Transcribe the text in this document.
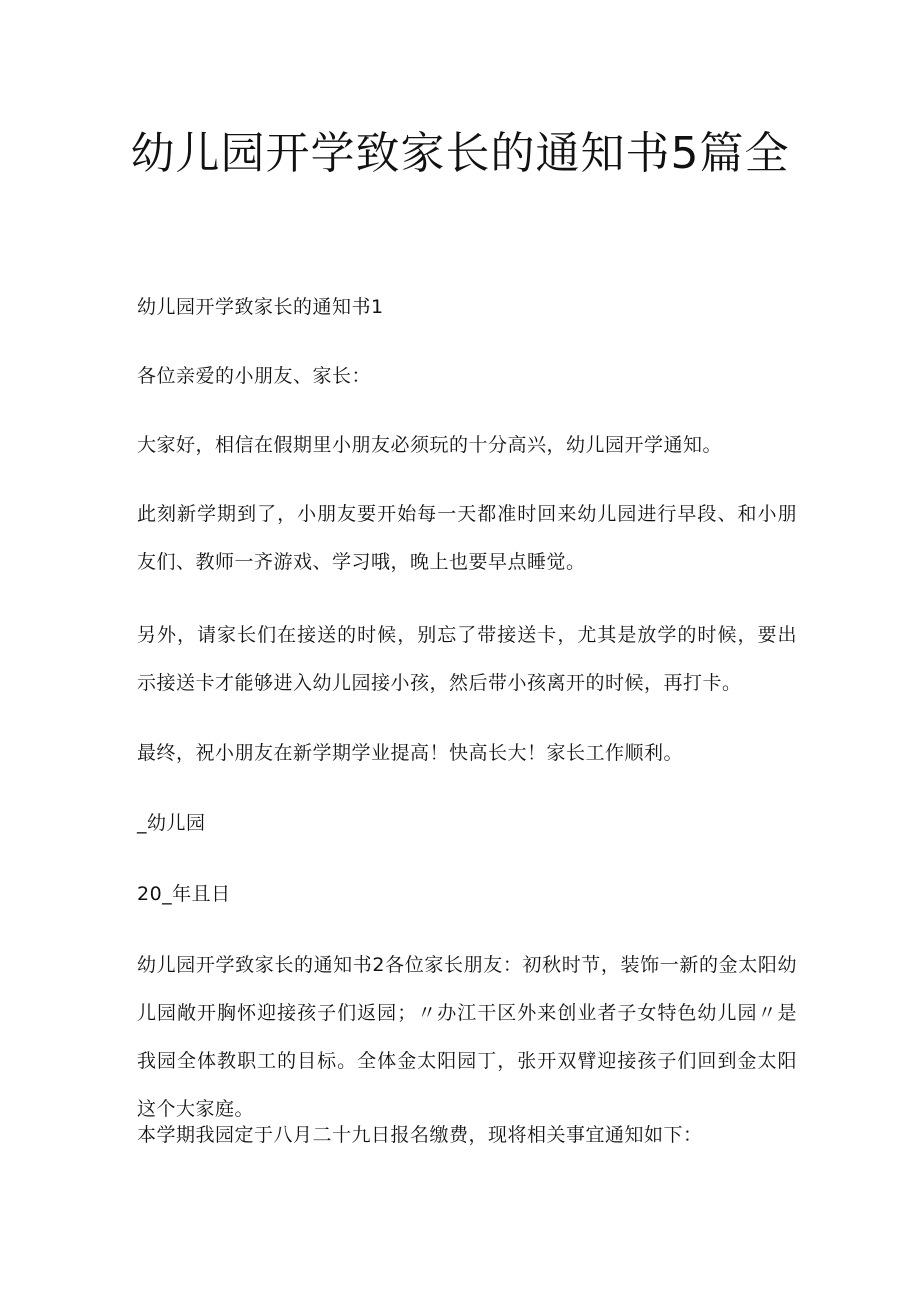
幼儿园开学致家长的通知书5篇全

幼儿园开学致家长的通知书1

各位亲爱的小朋友、家长：

大家好，相信在假期里小朋友必须玩的十分高兴，幼儿园开学通知。

此刻新学期到了，小朋友要开始每一天都准时回来幼儿园进行早段、和小朋友们、教师一齐游戏、学习哦，晚上也要早点睡觉。

另外，请家长们在接送的时候，别忘了带接送卡，尤其是放学的时候，要出示接送卡才能够进入幼儿园接小孩，然后带小孩离开的时候，再打卡。

最终，祝小朋友在新学期学业提高！快高长大！家长工作顺利。

_幼儿园

20_年且日

幼儿园开学致家长的通知书2各位家长朋友：初秋时节，装饰一新的金太阳幼儿园敞开胸怀迎接孩子们返园；〃办江干区外来创业者子女特色幼儿园〃是我园全体教职工的目标。全体金太阳园丁，张开双臂迎接孩子们回到金太阳这个大家庭。

本学期我园定于八月二十九日报名缴费，现将相关事宜通知如下：
